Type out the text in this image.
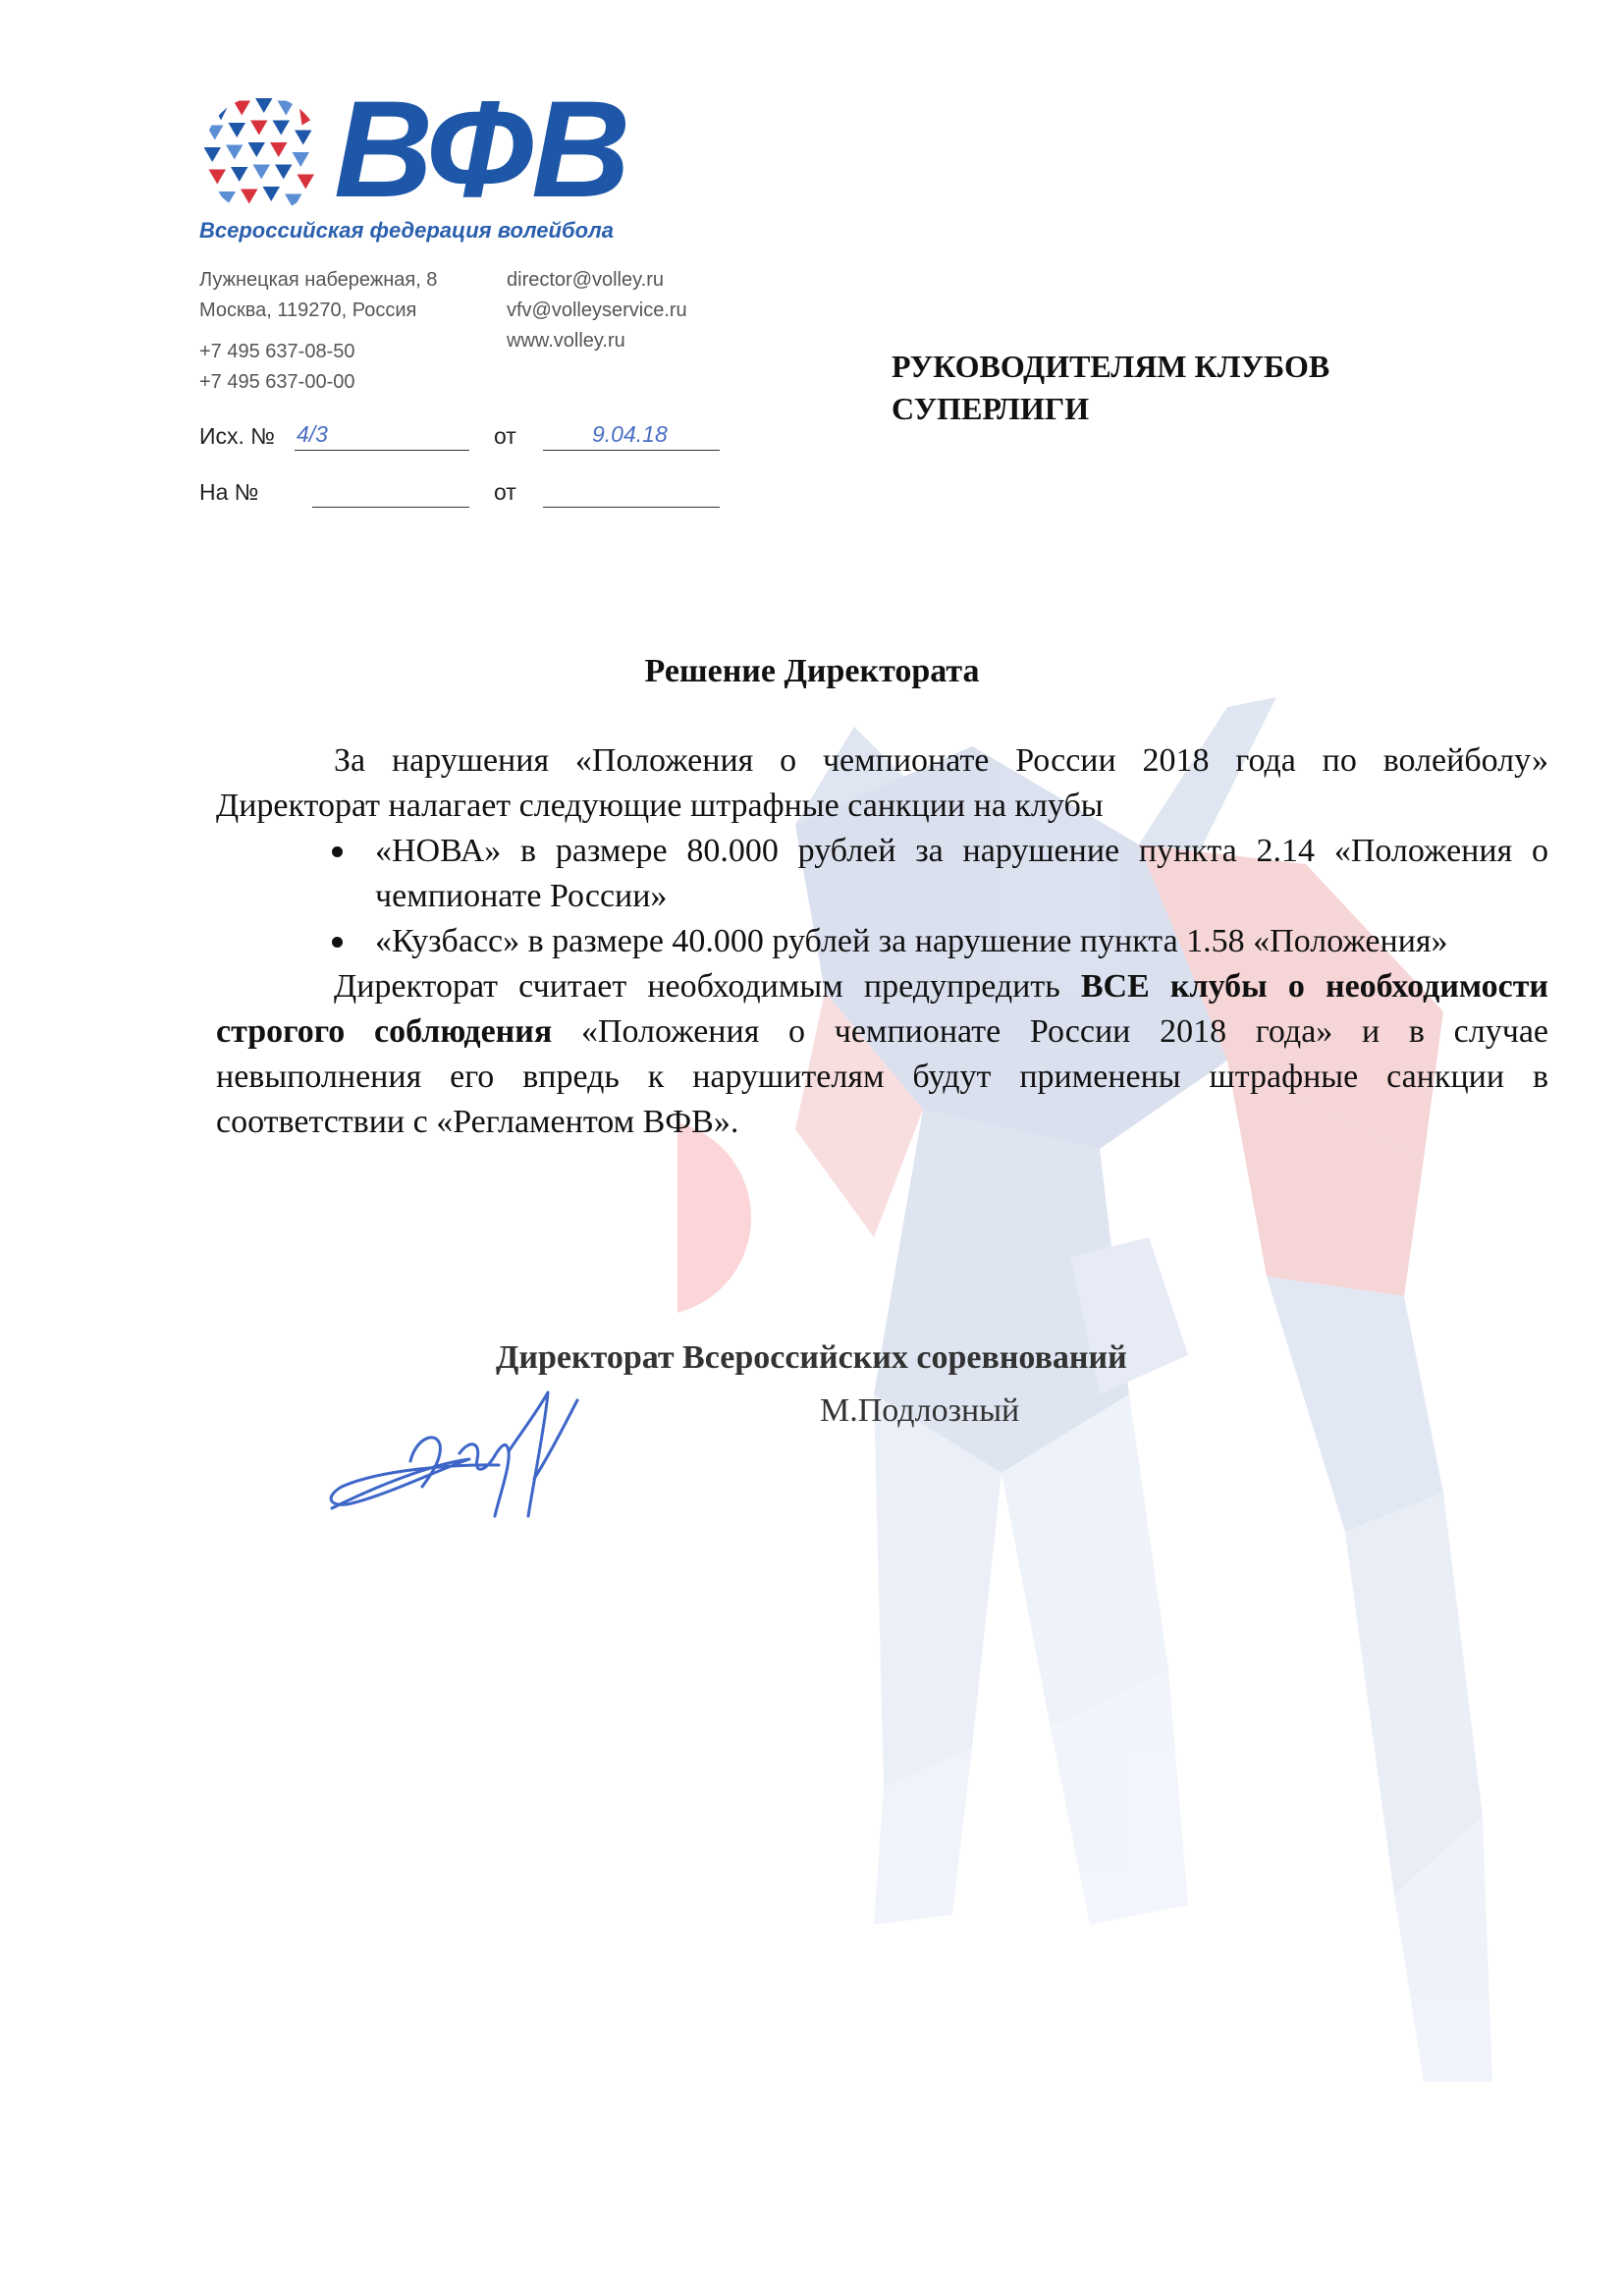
ВФВ
Всероссийская федерация волейбола
Лужнецкая набережная, 8
Москва, 119270, Россия
+7 495 637-08-50
+7 495 637-00-00
director@volley.ru
vfv@volleyservice.ru
www.volley.ru
Исх. № 4/3	от	9.04.18
На №	от
РУКОВОДИТЕЛЯМ КЛУБОВ
СУПЕРЛИГИ
Решение Директората

За нарушения «Положения о чемпионате России 2018 года по волейболу» Директорат налагает следующие штрафные санкции на клубы

«НОВА» в размере 80.000 рублей за нарушение пункта 2.14 «Положения о чемпионате России»
«Кузбасс» в размере 40.000 рублей за нарушение пункта 1.58 «Положения»

Директорат считает необходимым предупредить ВСЕ клубы о необходимости строгого соблюдения «Положения о чемпионате России 2018 года» и в случае невыполнения его впредь к нарушителям будут применены штрафные санкции в соответствии с «Регламентом ВФВ».

Директорат Всероссийских соревнований
М.Подлозный
